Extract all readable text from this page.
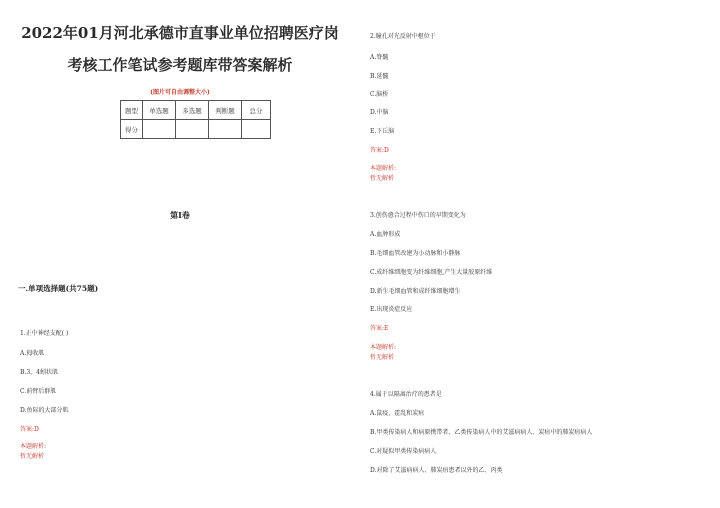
2022年01月河北承德市直事业单位招聘医疗岗
考核工作笔试参考题库带答案解析
(图片可自由调整大小)
题型	单选题	多选题	判断题	总分
得分				
第I卷
一.单项选择题(共75题)
1.正中神经支配( )
A.拇收肌
B.3、4蚓状肌
C.前臂后群肌
D.鱼际的大部分肌
答案:D
本题解析:
暂无解析
2.瞳孔对光反射中枢位于
A.脊髓
B.延髓
C.脑桥
D.中脑
E.下丘脑
答案:D
本题解析:
暂无解析
3.创伤愈合过程中伤口的早期变化为
A.血肿形成
B.毛细血管改建为小动脉和小静脉
C.成纤维细胞变为纤维细胞,产生大量胶原纤维
D.新生毛细血管和成纤维细胞增生
E.出现炎症反应
答案:E
本题解析:
暂无解析
4.属于以隔离治疗的患者是
A.鼠疫、霍乱和炭疽
B.甲类传染病人和病原携带者、乙类传染病人中的艾滋病病人、炭疽中的肺炭疽病人
C.对疑似甲类传染病病人
D.对除了艾滋病病人、肺炭疽患者以外的乙、丙类
